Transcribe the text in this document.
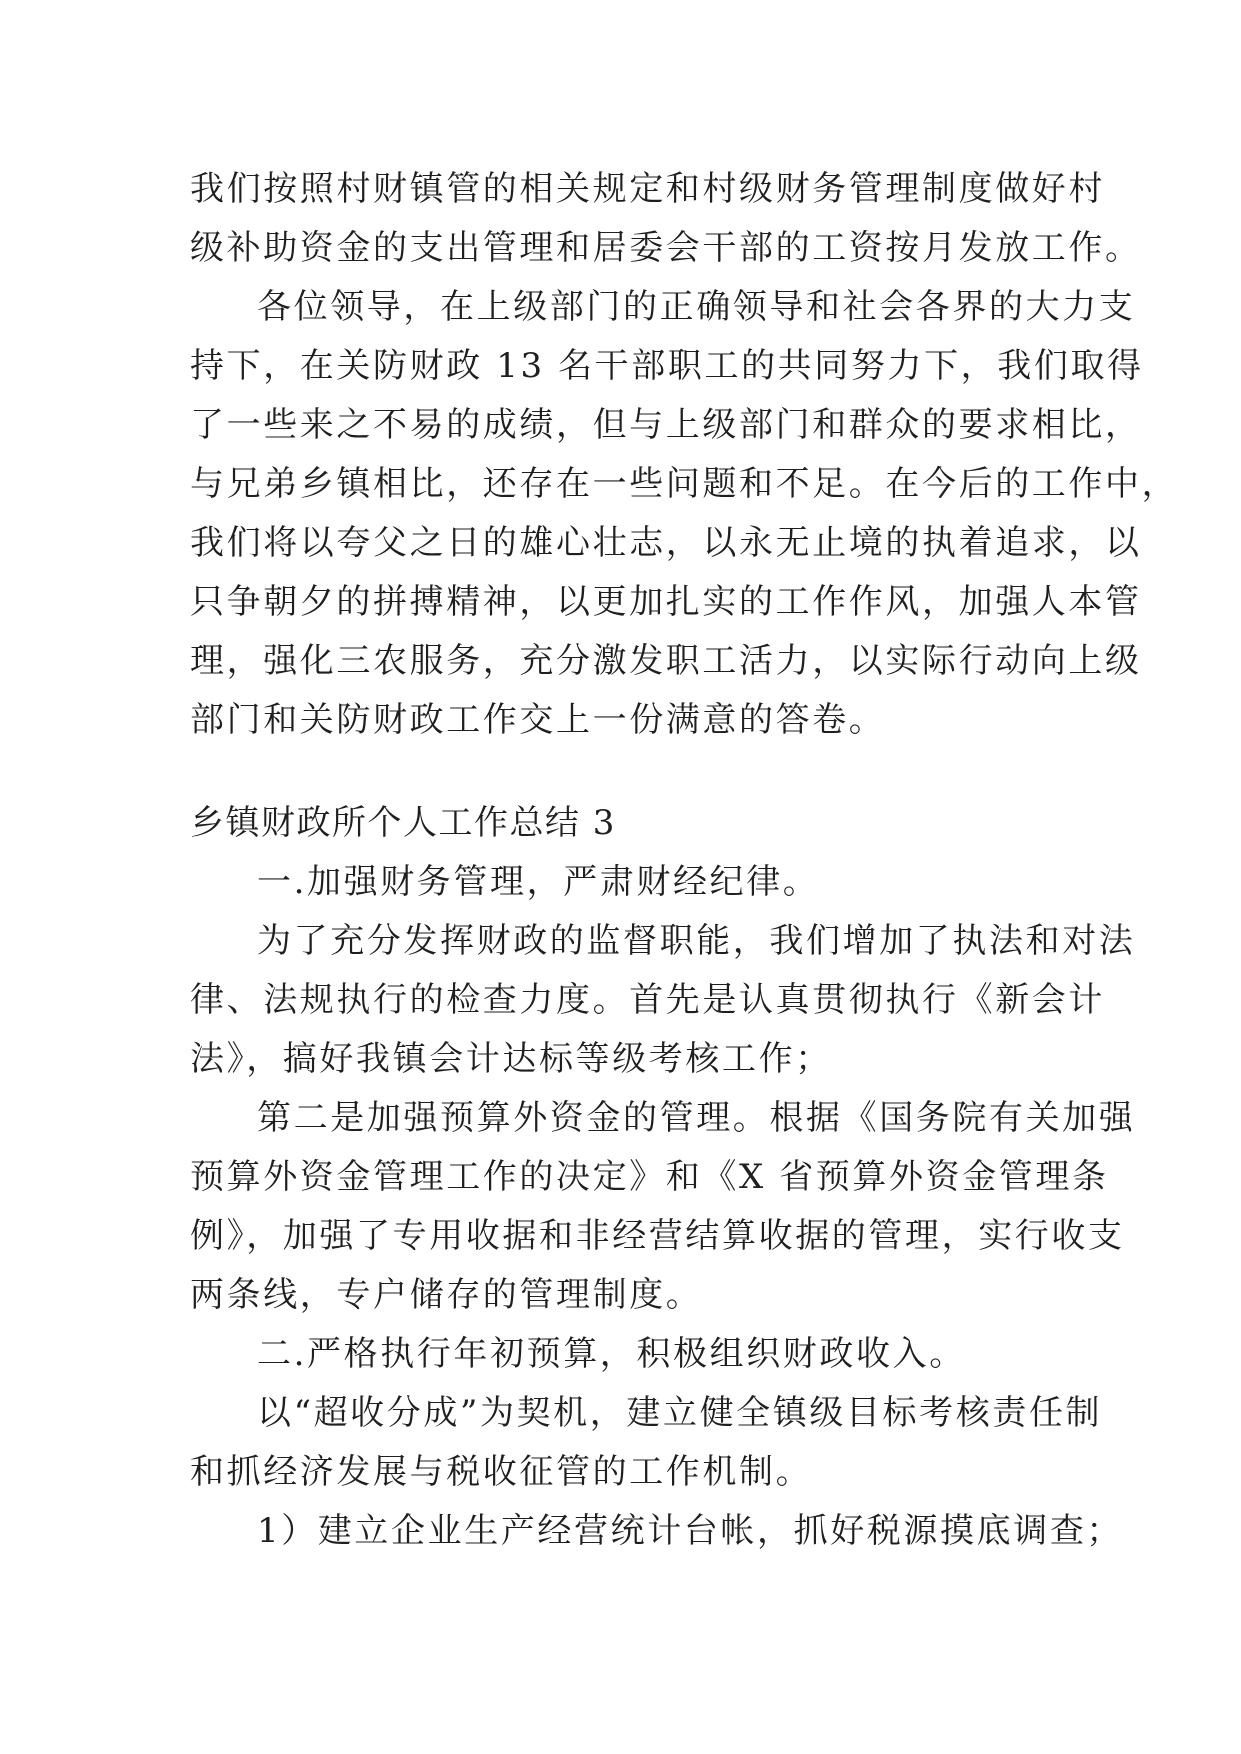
我们按照村财镇管的相关规定和村级财务管理制度做好村
级补助资金的支出管理和居委会干部的工资按月发放工作。
各位领导，在上级部门的正确领导和社会各界的大力支
持下，在关防财政 13 名干部职工的共同努力下，我们取得
了一些来之不易的成绩，但与上级部门和群众的要求相比，
与兄弟乡镇相比，还存在一些问题和不足。在今后的工作中，
我们将以夸父之日的雄心壮志，以永无止境的执着追求，以
只争朝夕的拼搏精神，以更加扎实的工作作风，加强人本管
理，强化三农服务，充分激发职工活力，以实际行动向上级
部门和关防财政工作交上一份满意的答卷。
乡镇财政所个人工作总结 3
一.加强财务管理，严肃财经纪律。
为了充分发挥财政的监督职能，我们增加了执法和对法
律、法规执行的检查力度。首先是认真贯彻执行《新会计
法》，搞好我镇会计达标等级考核工作；
第二是加强预算外资金的管理。根据《国务院有关加强
预算外资金管理工作的决定》和《X 省预算外资金管理条
例》，加强了专用收据和非经营结算收据的管理，实行收支
两条线，专户储存的管理制度。
二.严格执行年初预算，积极组织财政收入。
以“超收分成”为契机，建立健全镇级目标考核责任制
和抓经济发展与税收征管的工作机制。
1）建立企业生产经营统计台帐，抓好税源摸底调查；
